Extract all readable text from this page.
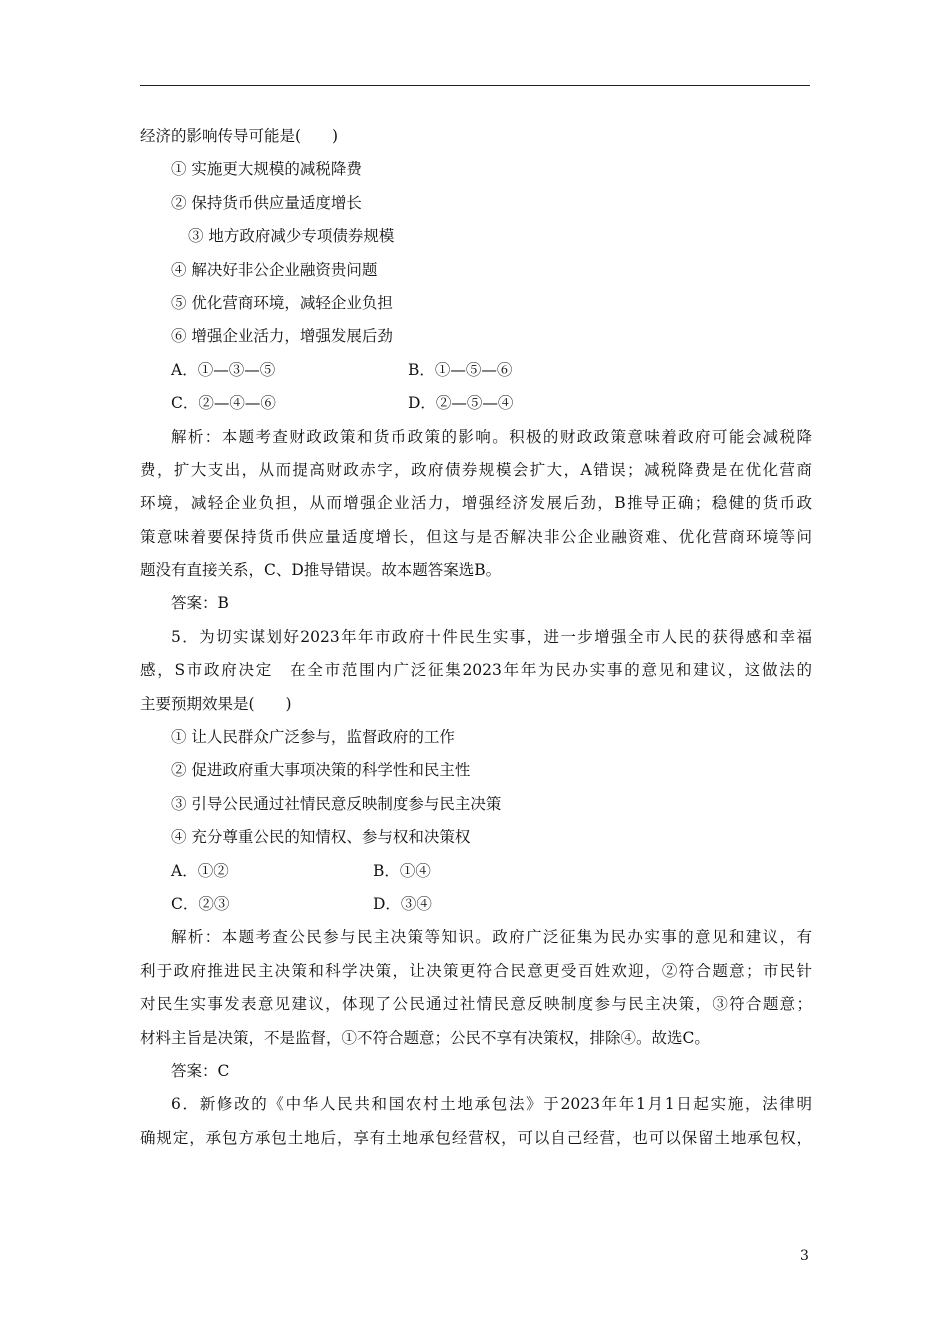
经济的影响传导可能是(　　)
① 实施更大规模的减税降费
② 保持货币供应量适度增长
③ 地方政府减少专项债券规模
④ 解决好非公企业融资贵问题
⑤ 优化营商环境，减轻企业负担
⑥ 增强企业活力，增强发展后劲
A．①—③—⑤	B．①—⑤—⑥
C．②—④—⑥	D．②—⑤—④
解析：本题考查财政政策和货币政策的影响。积极的财政政策意味着政府可能会减税降
费，扩大支出，从而提高财政赤字，政府债券规模会扩大，A错误；减税降费是在优化营商
环境，减轻企业负担，从而增强企业活力，增强经济发展后劲，B推导正确；稳健的货币政
策意味着要保持货币供应量适度增长，但这与是否解决非公企业融资难、优化营商环境等问
题没有直接关系，C、D推导错误。故本题答案选B。
答案：B
5．为切实谋划好2023年年市政府十件民生实事，进一步增强全市人民的获得感和幸福
感，S市政府决定　在全市范围内广泛征集2023年年为民办实事的意见和建议，这做法的
主要预期效果是(　　)
① 让人民群众广泛参与，监督政府的工作
② 促进政府重大事项决策的科学性和民主性
③ 引导公民通过社情民意反映制度参与民主决策
④ 充分尊重公民的知情权、参与权和决策权
A．①②	B．①④
C．②③	D．③④
解析：本题考查公民参与民主决策等知识。政府广泛征集为民办实事的意见和建议，有
利于政府推进民主决策和科学决策，让决策更符合民意更受百姓欢迎，②符合题意；市民针
对民生实事发表意见建议，体现了公民通过社情民意反映制度参与民主决策，③符合题意；
材料主旨是决策，不是监督，①不符合题意；公民不享有决策权，排除④。故选C。
答案：C
6．新修改的《中华人民共和国农村土地承包法》于2023年年1月1日起实施，法律明
确规定，承包方承包土地后，享有土地承包经营权，可以自己经营，也可以保留土地承包权，
3
